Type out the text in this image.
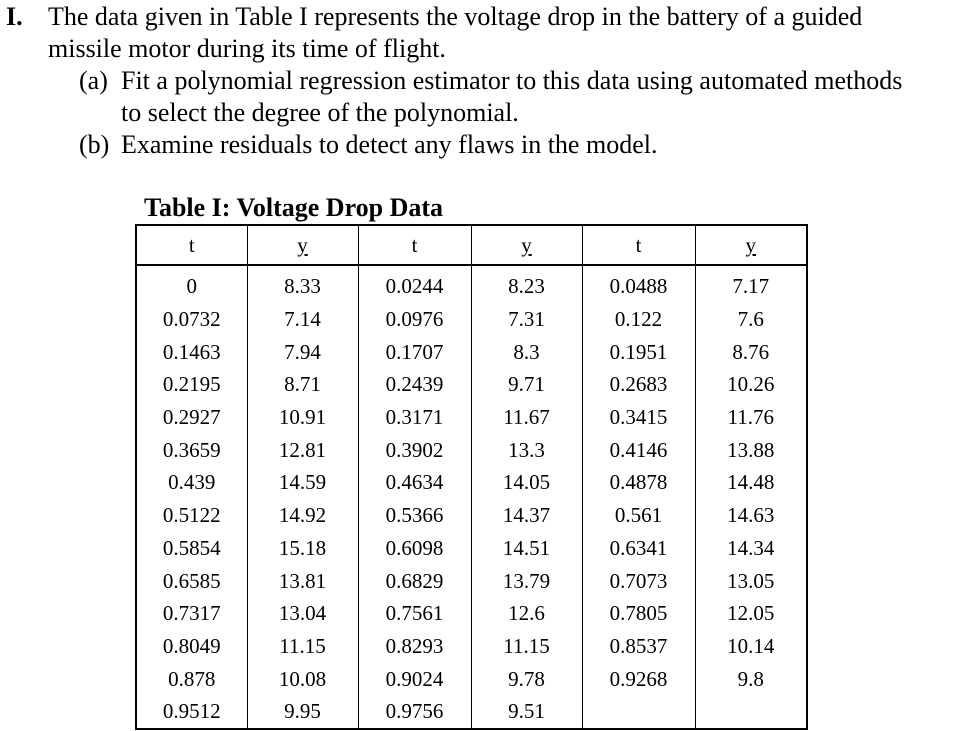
I. The data given in Table I represents the voltage drop in the battery of a guided
missile motor during its time of flight.
(a) Fit a polynomial regression estimator to this data using automated methods
to select the degree of the polynomial.
(b) Examine residuals to detect any flaws in the model.
Table I: Voltage Drop Data
t	y	t	y	t	y
0	8.33	0.0244	8.23	0.0488	7.17
0.0732	7.14	0.0976	7.31	0.122	7.6
0.1463	7.94	0.1707	8.3	0.1951	8.76
0.2195	8.71	0.2439	9.71	0.2683	10.26
0.2927	10.91	0.3171	11.67	0.3415	11.76
0.3659	12.81	0.3902	13.3	0.4146	13.88
0.439	14.59	0.4634	14.05	0.4878	14.48
0.5122	14.92	0.5366	14.37	0.561	14.63
0.5854	15.18	0.6098	14.51	0.6341	14.34
0.6585	13.81	0.6829	13.79	0.7073	13.05
0.7317	13.04	0.7561	12.6	0.7805	12.05
0.8049	11.15	0.8293	11.15	0.8537	10.14
0.878	10.08	0.9024	9.78	0.9268	9.8
0.9512	9.95	0.9756	9.51		
